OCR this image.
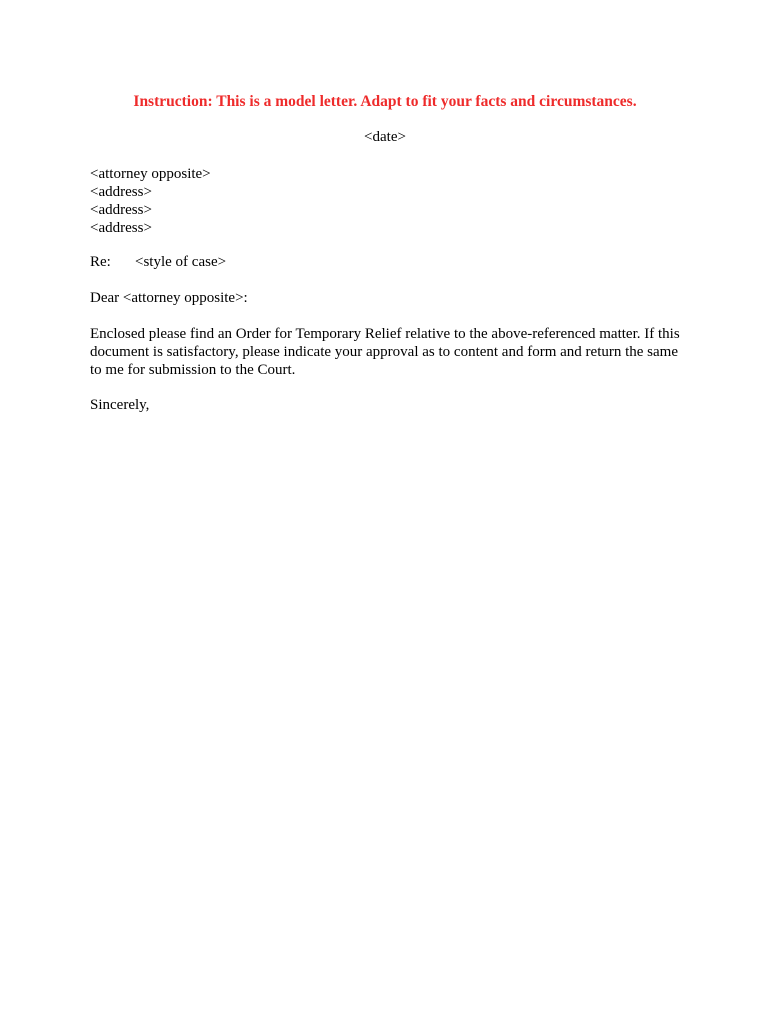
Instruction: This is a model letter. Adapt to fit your facts and circumstances.
<date>
<attorney opposite>
<address>
<address>
<address>
Re: <style of case>
Dear <attorney opposite>:
Enclosed please find an Order for Temporary Relief relative to the above-referenced matter. If this
document is satisfactory, please indicate your approval as to content and form and return the same
to me for submission to the Court.
Sincerely,
